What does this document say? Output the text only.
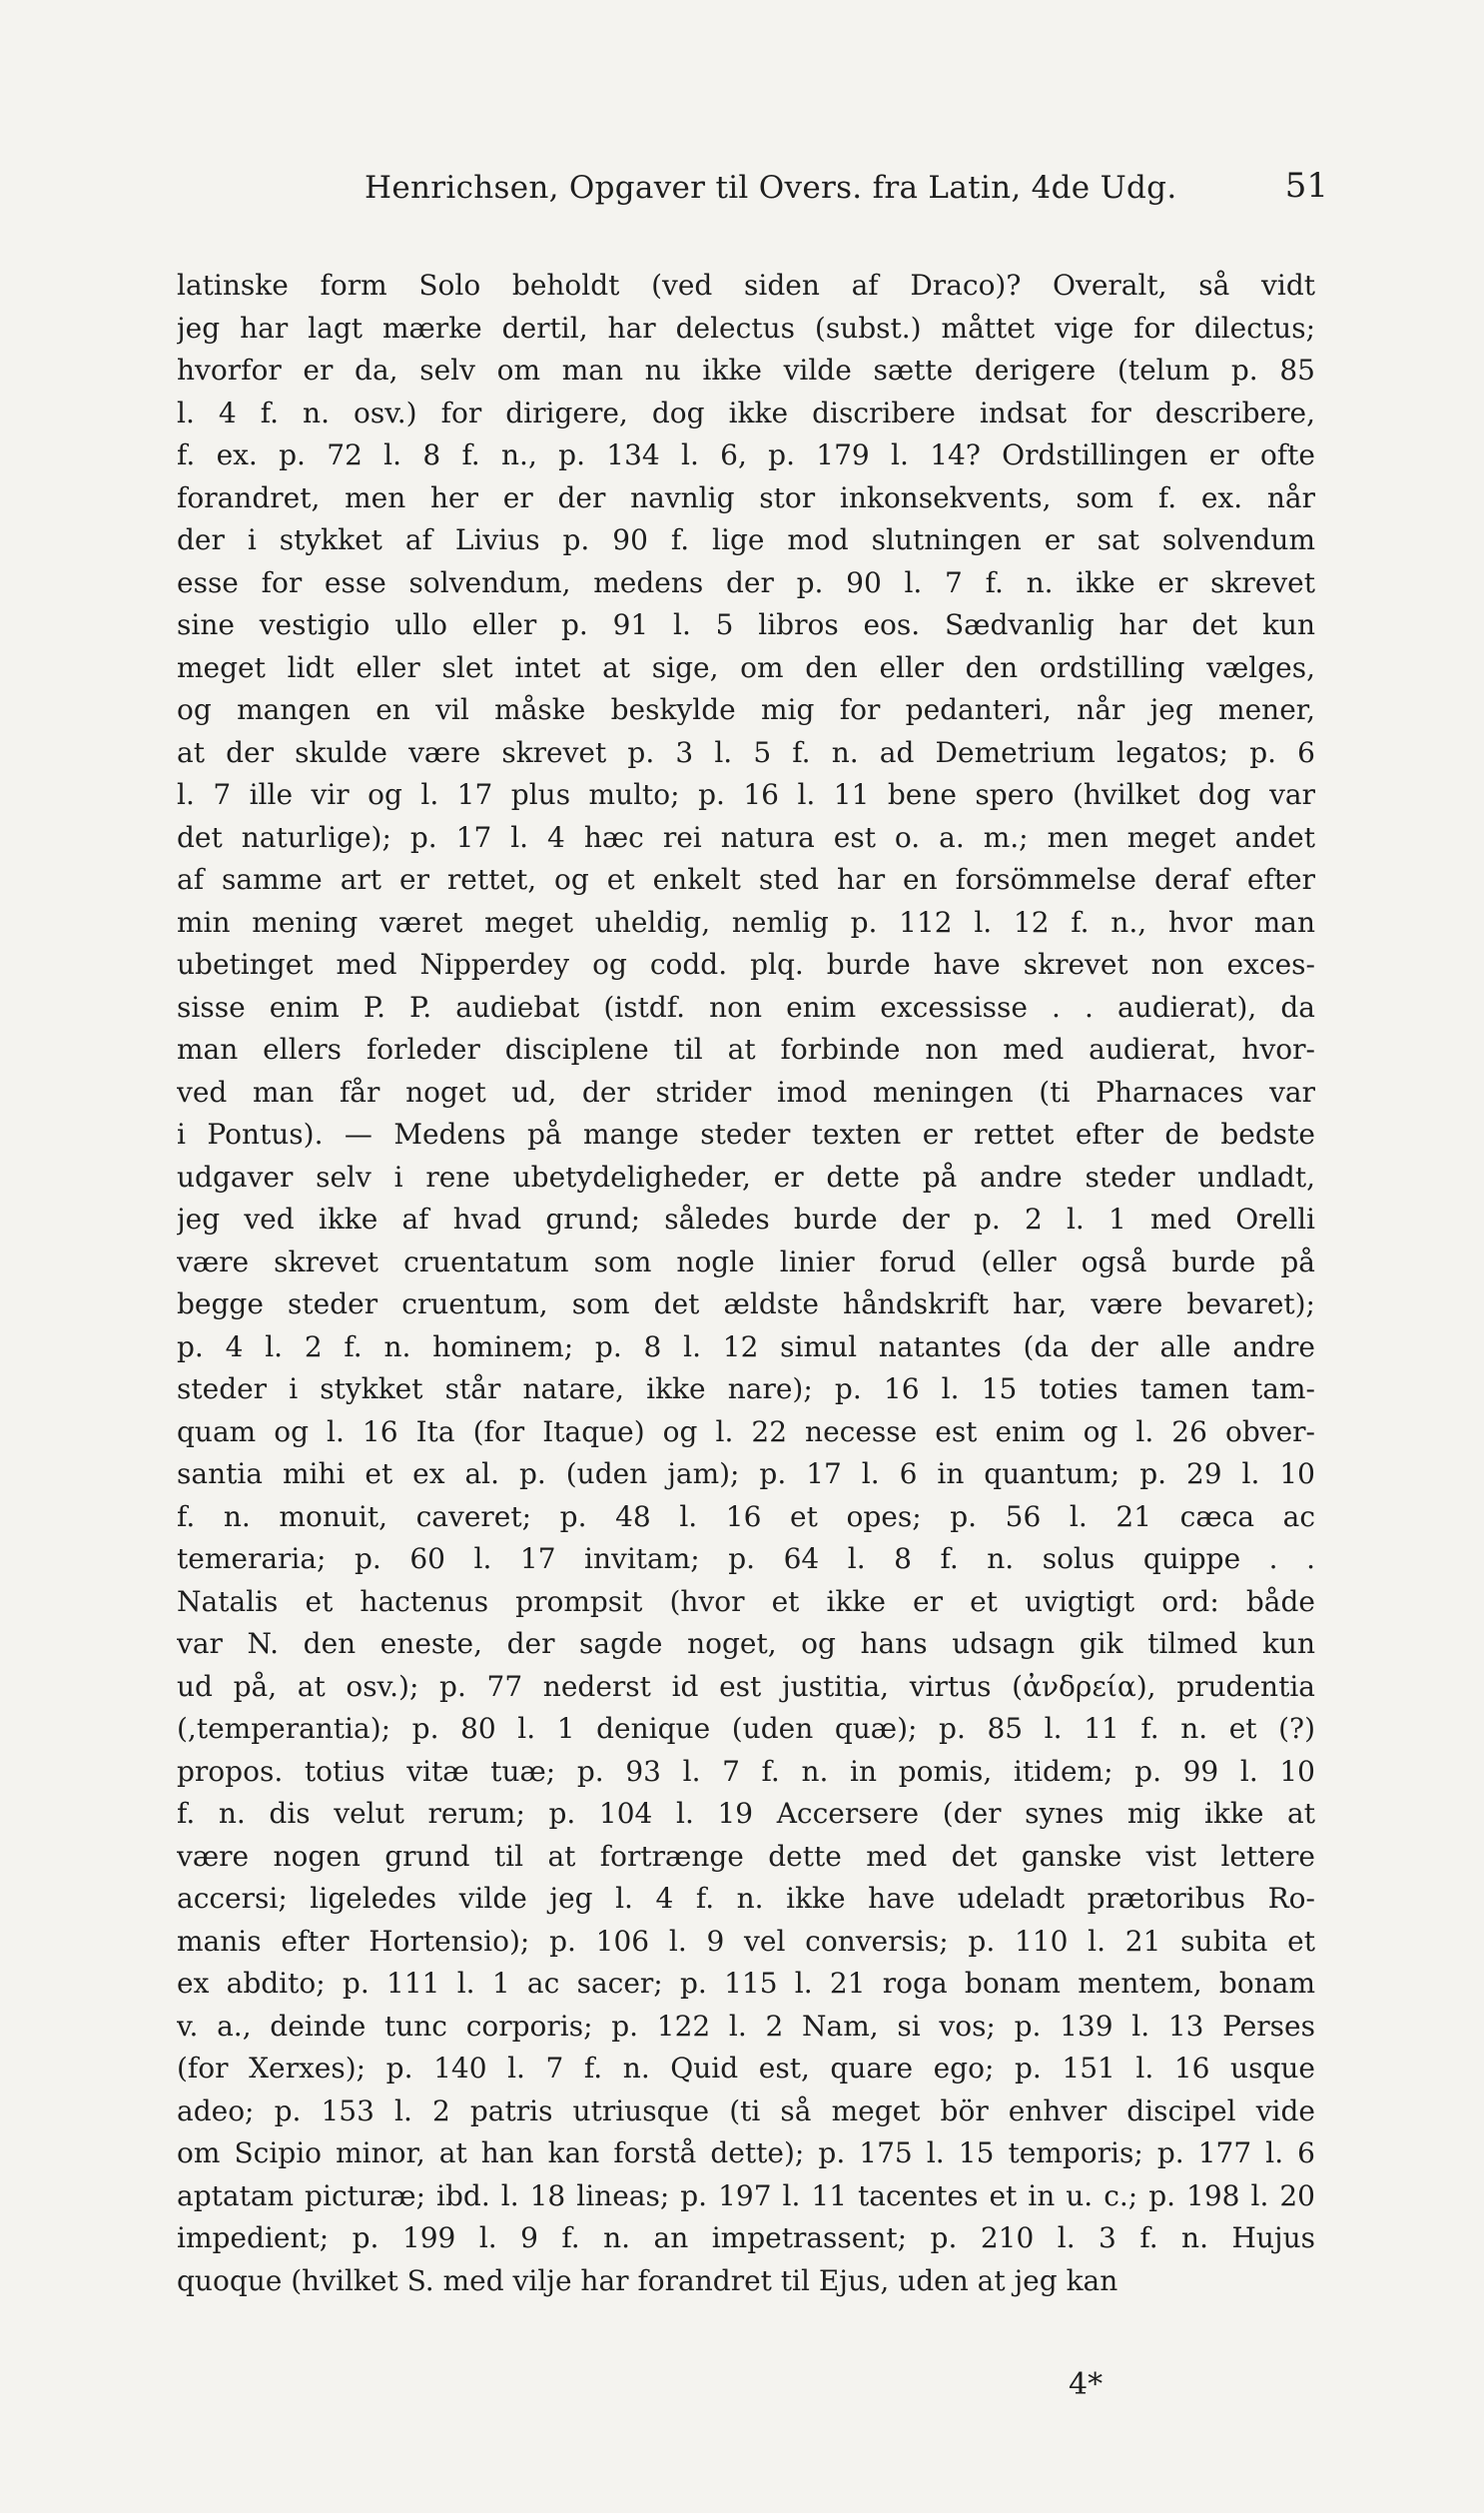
Henrichsen, Opgaver til Overs. fra Latin, 4de Udg.	51
latinske form Solo beholdt (ved siden af Draco)? Overalt, så vidt
jeg har lagt mærke dertil, har delectus (subst.) måttet vige for dilectus;
hvorfor er da, selv om man nu ikke vilde sætte derigere (telum p. 85
l. 4 f. n. osv.) for dirigere, dog ikke discribere indsat for describere,
f. ex. p. 72 l. 8 f. n., p. 134 l. 6, p. 179 l. 14? Ordstillingen er ofte
forandret, men her er der navnlig stor inkonsekvents, som f. ex. når
der i stykket af Livius p. 90 f. lige mod slutningen er sat solvendum
esse for esse solvendum, medens der p. 90 l. 7 f. n. ikke er skrevet
sine vestigio ullo eller p. 91 l. 5 libros eos. Sædvanlig har det kun
meget lidt eller slet intet at sige, om den eller den ordstilling vælges,
og mangen en vil måske beskylde mig for pedanteri, når jeg mener,
at der skulde være skrevet p. 3 l. 5 f. n. ad Demetrium legatos; p. 6
l. 7 ille vir og l. 17 plus multo; p. 16 l. 11 bene spero (hvilket dog var
det naturlige); p. 17 l. 4 hæc rei natura est o. a. m.; men meget andet
af samme art er rettet, og et enkelt sted har en forsömmelse deraf efter
min mening været meget uheldig, nemlig p. 112 l. 12 f. n., hvor man
ubetinget med Nipperdey og codd. plq. burde have skrevet non exces-
sisse enim P. P. audiebat (istdf. non enim excessisse . . audierat), da
man ellers forleder disciplene til at forbinde non med audierat, hvor-
ved man får noget ud, der strider imod meningen (ti Pharnaces var
i Pontus). — Medens på mange steder texten er rettet efter de bedste
udgaver selv i rene ubetydeligheder, er dette på andre steder undladt,
jeg ved ikke af hvad grund; således burde der p. 2 l. 1 med Orelli
være skrevet cruentatum som nogle linier forud (eller også burde på
begge steder cruentum, som det ældste håndskrift har, være bevaret);
p. 4 l. 2 f. n. hominem; p. 8 l. 12 simul natantes (da der alle andre
steder i stykket står natare, ikke nare); p. 16 l. 15 toties tamen tam-
quam og l. 16 Ita (for Itaque) og l. 22 necesse est enim og l. 26 obver-
santia mihi et ex al. p. (uden jam); p. 17 l. 6 in quantum; p. 29 l. 10
f. n. monuit, caveret; p. 48 l. 16 et opes; p. 56 l. 21 cæca ac
temeraria; p. 60 l. 17 invitam; p. 64 l. 8 f. n. solus quippe . .
Natalis et hactenus prompsit (hvor et ikke er et uvigtigt ord: både
var N. den eneste, der sagde noget, og hans udsagn gik tilmed kun
ud på, at osv.); p. 77 nederst id est justitia, virtus (ἀνδρεία), prudentia
(,temperantia); p. 80 l. 1 denique (uden quæ); p. 85 l. 11 f. n. et (?)
propos. totius vitæ tuæ; p. 93 l. 7 f. n. in pomis, itidem; p. 99 l. 10
f. n. dis velut rerum; p. 104 l. 19 Accersere (der synes mig ikke at
være nogen grund til at fortrænge dette med det ganske vist lettere
accersi; ligeledes vilde jeg l. 4 f. n. ikke have udeladt prætoribus Ro-
manis efter Hortensio); p. 106 l. 9 vel conversis; p. 110 l. 21 subita et
ex abdito; p. 111 l. 1 ac sacer; p. 115 l. 21 roga bonam mentem, bonam
v. a., deinde tunc corporis; p. 122 l. 2 Nam, si vos; p. 139 l. 13 Perses
(for Xerxes); p. 140 l. 7 f. n. Quid est, quare ego; p. 151 l. 16 usque
adeo; p. 153 l. 2 patris utriusque (ti så meget bör enhver discipel vide
om Scipio minor, at han kan forstå dette); p. 175 l. 15 temporis; p. 177 l. 6
aptatam picturæ; ibd. l. 18 lineas; p. 197 l. 11 tacentes et in u. c.; p. 198 l. 20
impedient; p. 199 l. 9 f. n. an impetrassent; p. 210 l. 3 f. n. Hujus
quoque (hvilket S. med vilje har forandret til Ejus, uden at jeg kan
4*
